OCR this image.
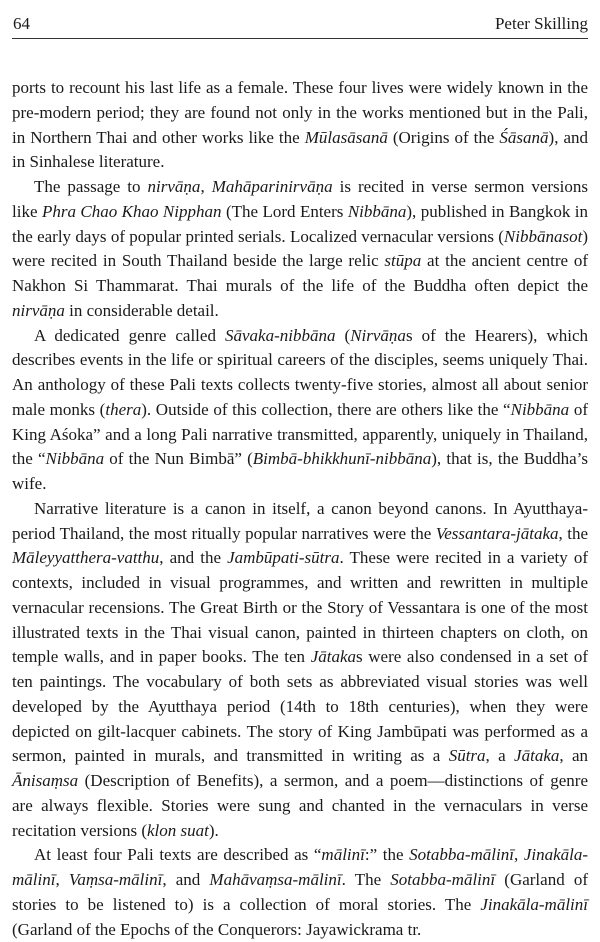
64	Peter Skilling

ports to recount his last life as a female. These four lives were widely known in the pre-modern period; they are found not only in the works mentioned but in the Pali, in Northern Thai and other works like the Mūlasāsanā (Origins of the Śāsanā), and in Sinhalese literature.

The passage to nirvāṇa, Mahāparinirvāṇa is recited in verse sermon versions like Phra Chao Khao Nipphan (The Lord Enters Nibbāna), published in Bangkok in the early days of popular printed serials. Localized vernacular versions (Nibbānasot) were recited in South Thailand beside the large relic stūpa at the ancient centre of Nakhon Si Thammarat. Thai murals of the life of the Buddha often depict the nirvāṇa in considerable detail.

A dedicated genre called Sāvaka-nibbāna (Nirvāṇas of the Hearers), which describes events in the life or spiritual careers of the disciples, seems uniquely Thai. An anthology of these Pali texts collects twenty-five stories, almost all about senior male monks (thera). Outside of this collection, there are others like the “Nibbāna of King Aśoka” and a long Pali narrative transmitted, apparently, uniquely in Thailand, the “Nibbāna of the Nun Bimbā” (Bimbā-bhikkhunī-nibbāna), that is, the Buddha’s wife.

Narrative literature is a canon in itself, a canon beyond canons. In Ayutthaya-period Thailand, the most ritually popular narratives were the Vessantara-jātaka, the Māleyyatthera-vatthu, and the Jambūpati-sūtra. These were recited in a variety of contexts, included in visual programmes, and written and rewritten in multiple vernacular recensions. The Great Birth or the Story of Vessantara is one of the most illustrated texts in the Thai visual canon, painted in thirteen chapters on cloth, on temple walls, and in paper books. The ten Jātakas were also condensed in a set of ten paintings. The vocabulary of both sets as abbreviated visual stories was well developed by the Ayutthaya period (14th to 18th centuries), when they were depicted on gilt-lacquer cabinets. The story of King Jambūpati was performed as a sermon, painted in murals, and transmitted in writing as a Sūtra, a Jātaka, an Ānisaṃsa (Description of Benefits), a sermon, and a poem—distinctions of genre are always flexible. Stories were sung and chanted in the vernaculars in verse recitation versions (klon suat).

At least four Pali texts are described as “mālinī:” the Sotabba-mālinī, Jinakāla-mālinī, Vaṃsa-mālinī, and Mahāvaṃsa-mālinī. The Sotabba-mālinī (Garland of stories to be listened to) is a collection of moral stories. The Jinakāla-mālinī (Garland of the Epochs of the Conquerors: Jayawickrama tr.
